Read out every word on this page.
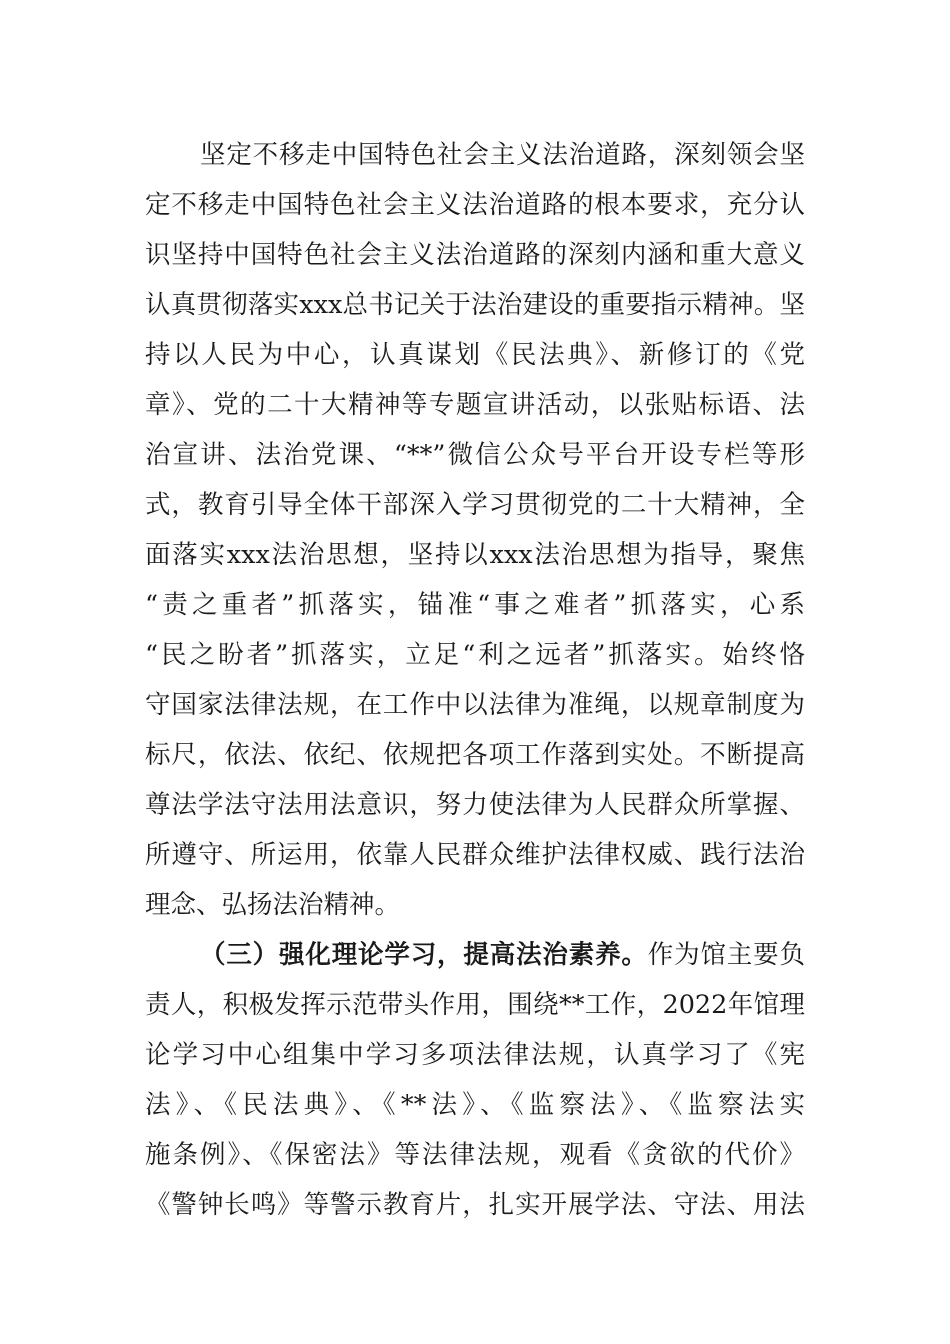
坚定不移走中国特色社会主义法治道路，深刻领会坚
定不移走中国特色社会主义法治道路的根本要求，充分认
识坚持中国特色社会主义法治道路的深刻内涵和重大意义
认真贯彻落实xxx总书记关于法治建设的重要指示精神。坚
持以人民为中心，认真谋划《民法典》、新修订的《党
章》、党的二十大精神等专题宣讲活动，以张贴标语、法
治宣讲、法治党课、“**”微信公众号平台开设专栏等形
式，教育引导全体干部深入学习贯彻党的二十大精神，全
面落实xxx法治思想，坚持以xxx法治思想为指导，聚焦
“责之重者”抓落实，锚准“事之难者”抓落实，心系
“民之盼者”抓落实，立足“利之远者”抓落实。始终恪
守国家法律法规，在工作中以法律为准绳，以规章制度为
标尺，依法、依纪、依规把各项工作落到实处。不断提高
尊法学法守法用法意识，努力使法律为人民群众所掌握、
所遵守、所运用，依靠人民群众维护法律权威、践行法治
理念、弘扬法治精神。
（三）强化理论学习，提高法治素养。作为馆主要负
责人，积极发挥示范带头作用，围绕**工作，2022年馆理
论学习中心组集中学习多项法律法规，认真学习了《宪
法》、《民法典》、《**法》、《监察法》、《监察法实
施条例》、《保密法》等法律法规，观看《贪欲的代价》
《警钟长鸣》等警示教育片，扎实开展学法、守法、用法
